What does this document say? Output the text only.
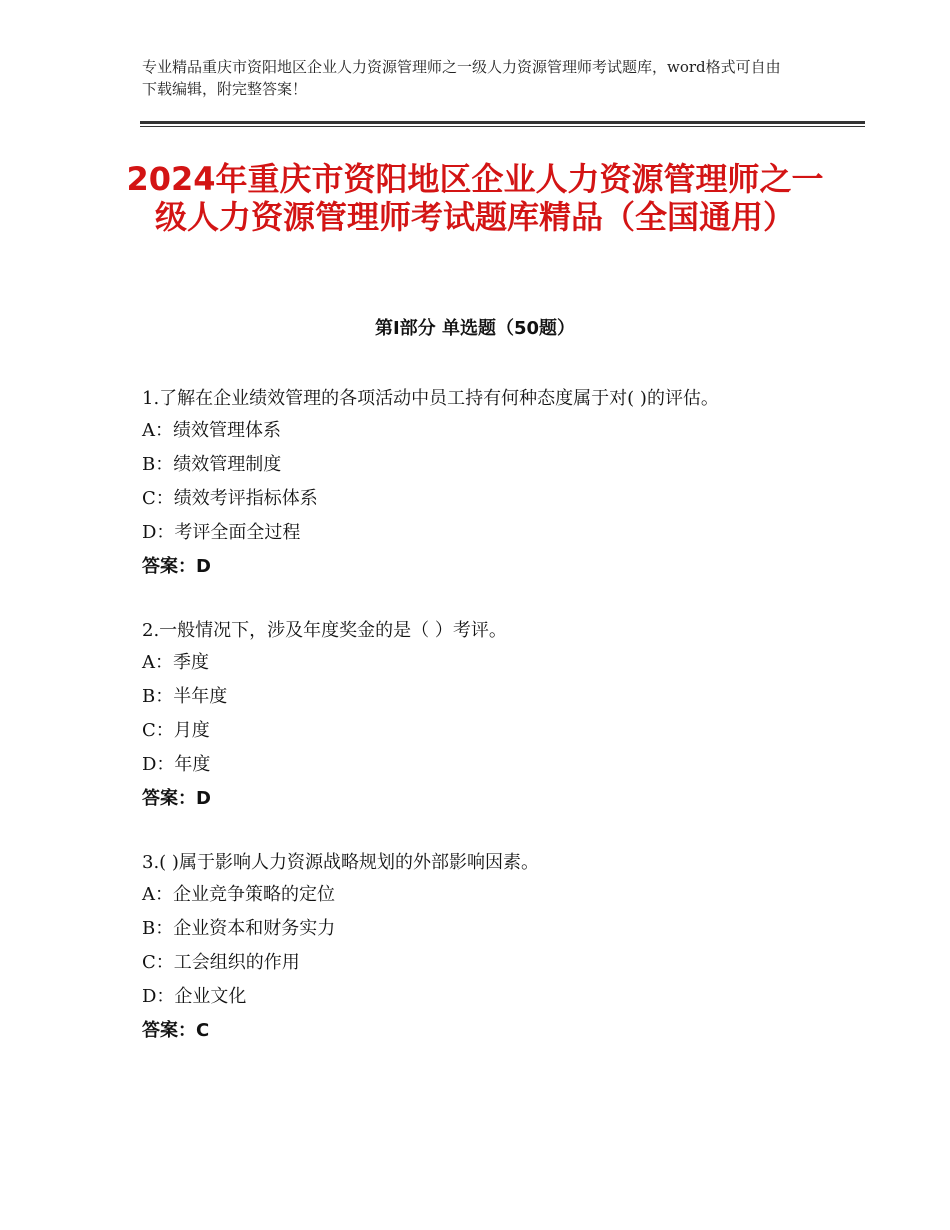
专业精品重庆市资阳地区企业人力资源管理师之一级人力资源管理师考试题库，word格式可自由下载编辑，附完整答案！
2024年重庆市资阳地区企业人力资源管理师之一级人力资源管理师考试题库精品（全国通用）
第Ⅰ部分 单选题（50题）
1.了解在企业绩效管理的各项活动中员工持有何种态度属于对( )的评估。
A：绩效管理体系
B：绩效管理制度
C：绩效考评指标体系
D：考评全面全过程
答案：D
2.一般情况下，涉及年度奖金的是（ ）考评。
A：季度
B：半年度
C：月度
D：年度
答案：D
3.( )属于影响人力资源战略规划的外部影响因素。
A：企业竞争策略的定位
B：企业资本和财务实力
C：工会组织的作用
D：企业文化
答案：C
